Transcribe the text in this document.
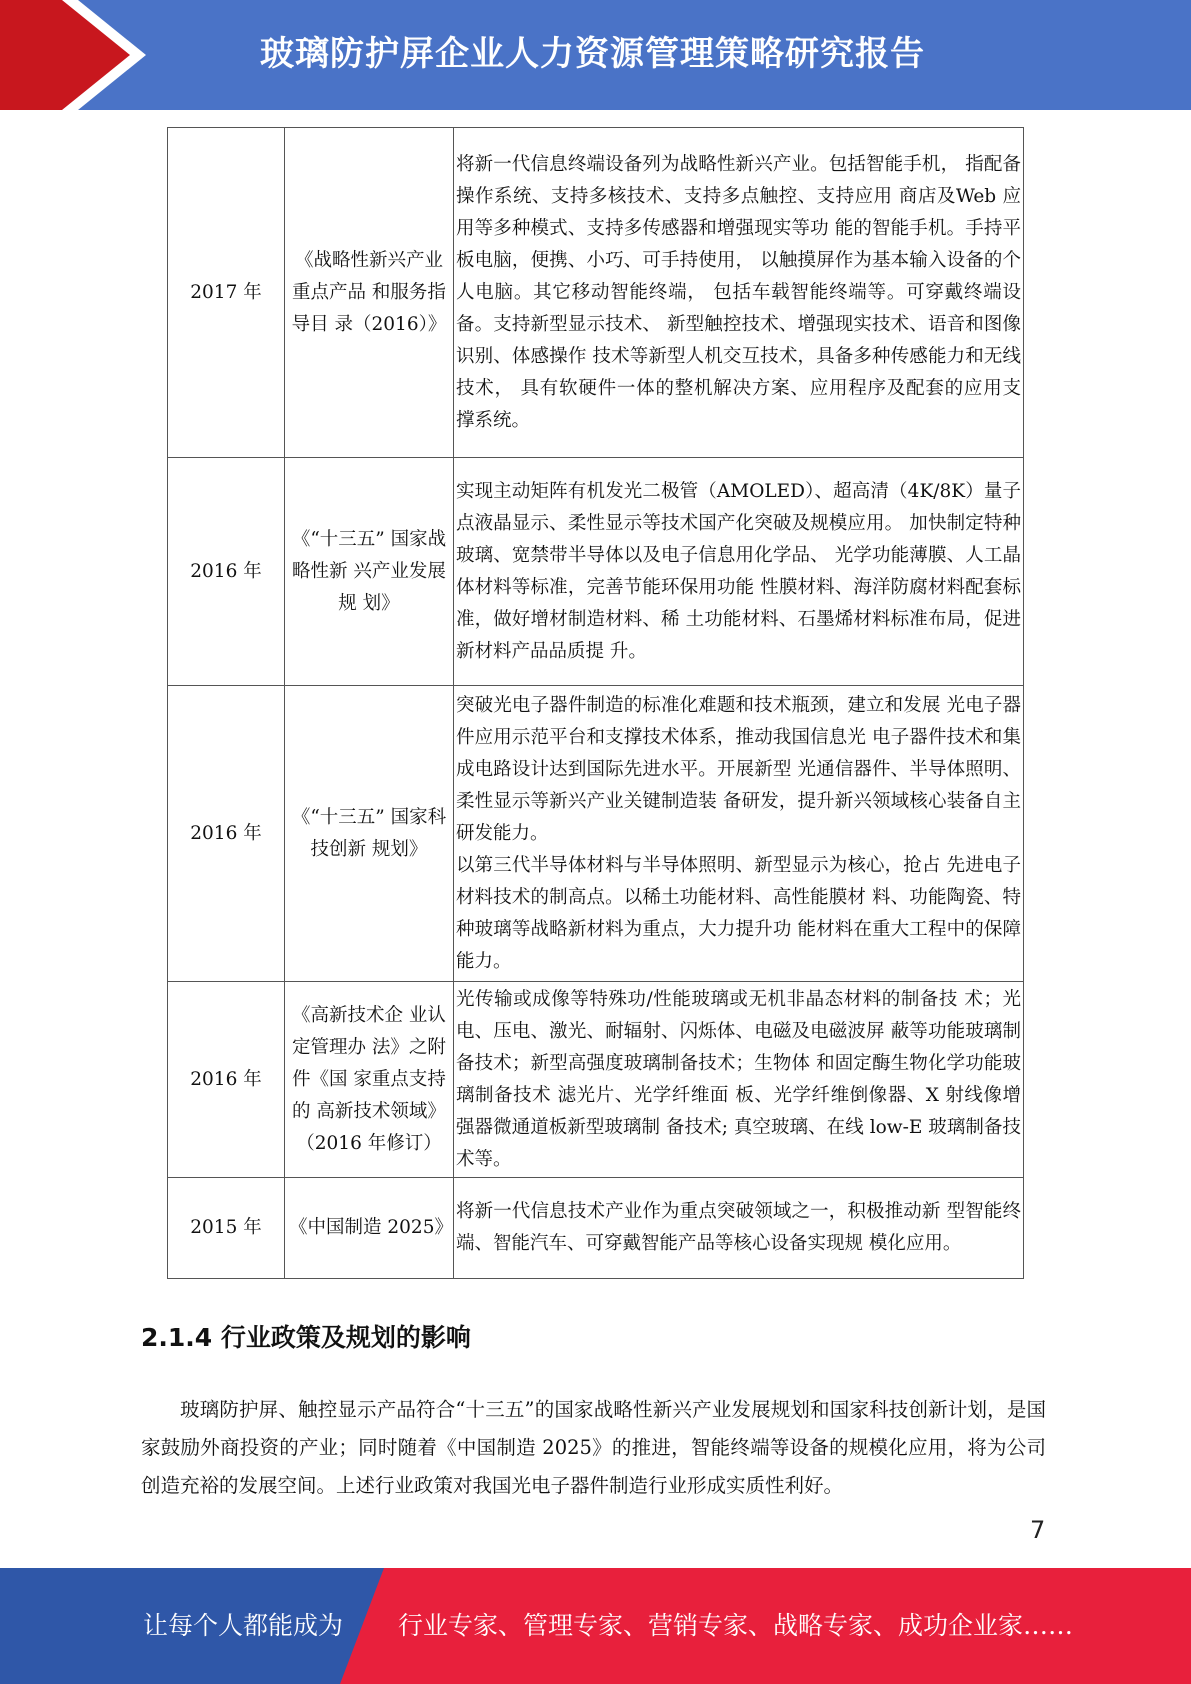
玻璃防护屏企业人力资源管理策略研究报告
2017 年	《战略性新兴产业重点产品 和服务指导目 录（2016）》	将新一代信息终端设备列为战略性新兴产业。包括智能手机， 指配备操作系统、支持多核技术、支持多点触控、支持应用 商店及Web 应用等多种模式、支持多传感器和增强现实等功 能的智能手机。手持平板电脑，便携、小巧、可手持使用， 以触摸屏作为基本输入设备的个人电脑。其它移动智能终端， 包括车载智能终端等。可穿戴终端设备。支持新型显示技术、 新型触控技术、增强现实技术、语音和图像识别、体感操作 技术等新型人机交互技术，具备多种传感能力和无线技术， 具有软硬件一体的整机解决方案、应用程序及配套的应用支 撑系统。

2016 年	《“十三五” 国家战略性新 兴产业发展规 划》	实现主动矩阵有机发光二极管（AMOLED）、超高清（4K/8K）量子点液晶显示、柔性显示等技术国产化突破及规模应用。 加快制定特种玻璃、宽禁带半导体以及电子信息用化学品、 光学功能薄膜、人工晶体材料等标准，完善节能环保用功能 性膜材料、海洋防腐材料配套标准，做好增材制造材料、稀 土功能材料、石墨烯材料标准布局，促进新材料产品品质提 升。

2016 年	《“十三五” 国家科技创新 规划》	突破光电子器件制造的标准化难题和技术瓶颈，建立和发展 光电子器件应用示范平台和支撑技术体系，推动我国信息光 电子器件技术和集成电路设计达到国际先进水平。开展新型 光通信器件、半导体照明、柔性显示等新兴产业关键制造装 备研发，提升新兴领域核心装备自主研发能力。
以第三代半导体材料与半导体照明、新型显示为核心，抢占 先进电子材料技术的制高点。以稀土功能材料、高性能膜材 料、功能陶瓷、特种玻璃等战略新材料为重点，大力提升功 能材料在重大工程中的保障能力。

2016 年	《高新技术企 业认定管理办 法》之附件《国 家重点支持的 高新技术领域》（2016 年修订）	光传输或成像等特殊功/性能玻璃或无机非晶态材料的制备技 术；光电、压电、激光、耐辐射、闪烁体、电磁及电磁波屏 蔽等功能玻璃制备技术；新型高强度玻璃制备技术；生物体 和固定酶生物化学功能玻璃制备技术 滤光片、光学纤维面 板、光学纤维倒像器、X 射线像增强器微通道板新型玻璃制 备技术; 真空玻璃、在线 low-E 玻璃制备技术等。

2015 年	《中国制造 2025》	将新一代信息技术产业作为重点突破领域之一，积极推动新 型智能终端、智能汽车、可穿戴智能产品等核心设备实现规 模化应用。
2.1.4 行业政策及规划的影响
玻璃防护屏、触控显示产品符合“十三五”的国家战略性新兴产业发展规划和国家科技创新计划，是国家鼓励外商投资的产业；同时随着《中国制造 2025》的推进，智能终端等设备的规模化应用，将为公司创造充裕的发展空间。上述行业政策对我国光电子器件制造行业形成实质性利好。
7
让每个人都能成为 行业专家、管理专家、营销专家、战略专家、成功企业家……
